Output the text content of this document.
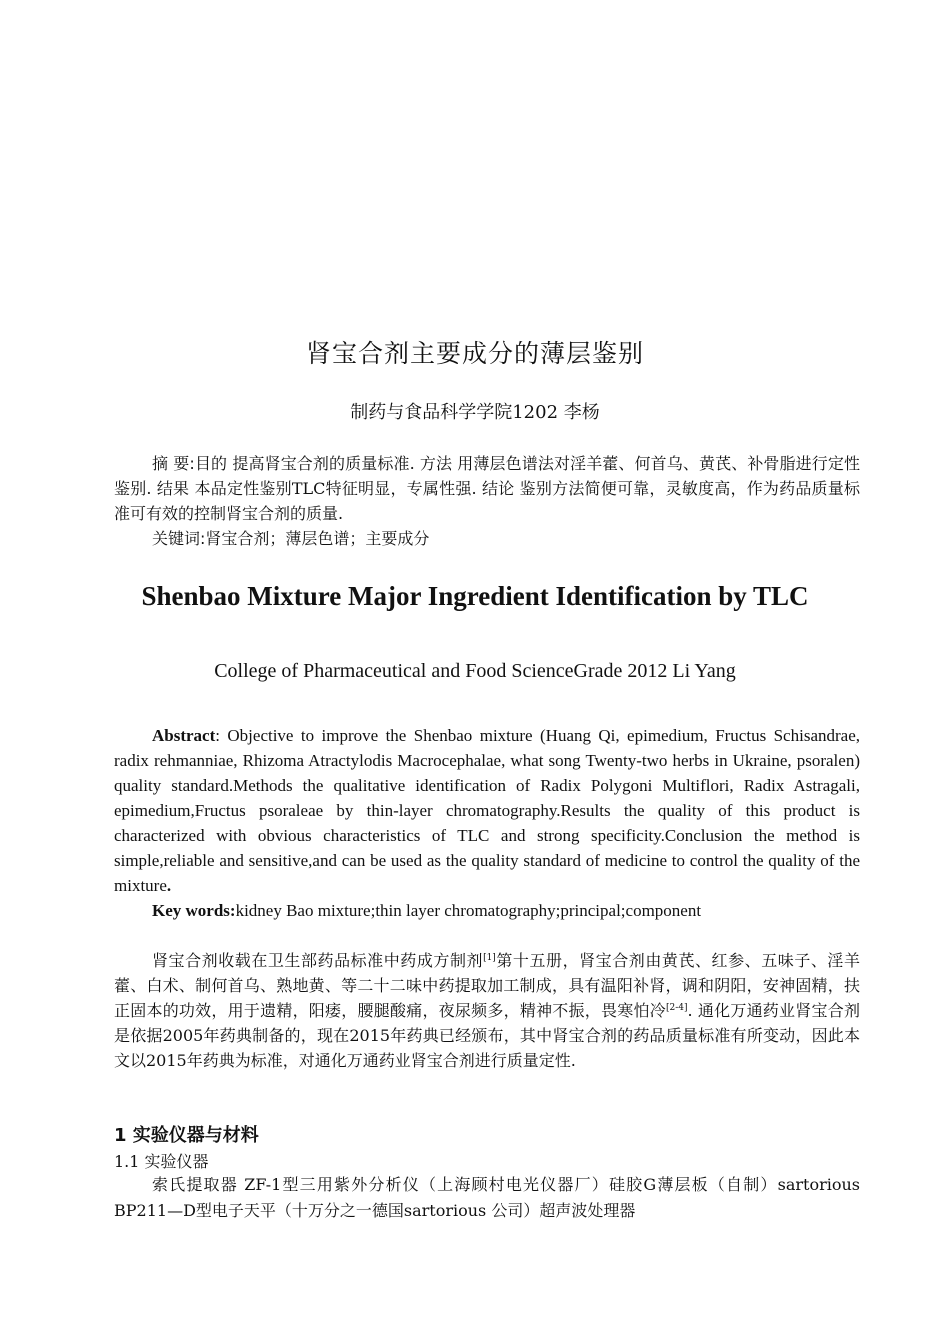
肾宝合剂主要成分的薄层鉴别
制药与食品科学学院1202 李杨

摘 要:目的 提高肾宝合剂的质量标准. 方法 用薄层色谱法对淫羊藿、何首乌、黄芪、补骨脂进行定性鉴别. 结果 本品定性鉴别TLC特征明显，专属性强. 结论 鉴别方法简便可靠，灵敏度高，作为药品质量标准可有效的控制肾宝合剂的质量.

关键词:肾宝合剂；薄层色谱；主要成分

Shenbao Mixture Major Ingredient Identification by TLC
College of Pharmaceutical and Food ScienceGrade 2012 Li Yang

Abstract: Objective to improve the Shenbao mixture (Huang Qi, epimedium, Fructus Schisandrae, radix rehmanniae, Rhizoma Atractylodis Macrocephalae, what song Twenty-two herbs in Ukraine, psoralen) quality standard.Methods the qualitative identification of Radix Polygoni Multiflori, Radix Astragali, epimedium,Fructus psoraleae by thin-layer chromatography.Results the quality of this product is characterized with obvious characteristics of TLC and strong specificity.Conclusion the method is simple,reliable and sensitive,and can be used as the quality standard of medicine to control the quality of the mixture.

Key words:kidney Bao mixture;thin layer chromatography;principal;component

肾宝合剂收载在卫生部药品标准中药成方制剂[1]第十五册，肾宝合剂由黄芪、红参、五味子、淫羊藿、白术、制何首乌、熟地黄、等二十二味中药提取加工制成，具有温阳补肾，调和阴阳，安神固精，扶正固本的功效，用于遗精，阳痿，腰腿酸痛，夜尿频多，精神不振，畏寒怕冷[2-4]. 通化万通药业肾宝合剂是依据2005年药典制备的，现在2015年药典已经颁布，其中肾宝合剂的药品质量标准有所变动，因此本文以2015年药典为标准，对通化万通药业肾宝合剂进行质量定性.

1 实验仪器与材料
1.1 实验仪器

索氏提取器 ZF-1型三用紫外分析仪（上海顾村电光仪器厂）硅胶G薄层板（自制）sartorious BP211—D型电子天平（十万分之一德国sartorious 公司）超声波处理器
